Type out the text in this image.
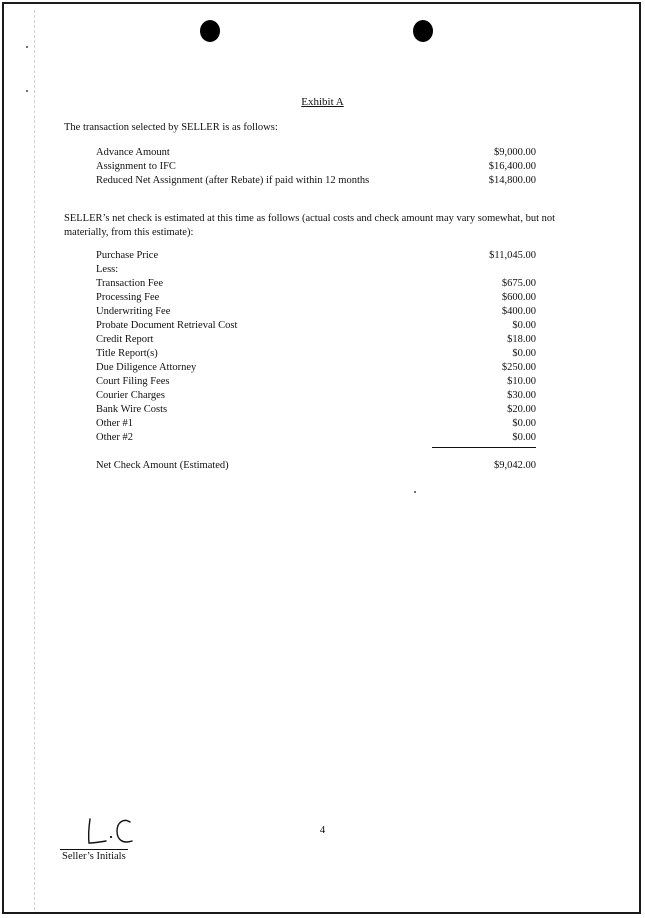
Exhibit A
The transaction selected by SELLER is as follows:
Advance Amount	$9,000.00
Assignment to IFC	$16,400.00
Reduced Net Assignment (after Rebate) if paid within 12 months	$14,800.00
SELLER’s net check is estimated at this time as follows (actual costs and check amount may vary somewhat, but not materially, from this estimate):
Purchase Price	$11,045.00
Less:
Transaction Fee	$675.00
Processing Fee	$600.00
Underwriting Fee	$400.00
Probate Document Retrieval Cost	$0.00
Credit Report	$18.00
Title Report(s)	$0.00
Due Diligence Attorney	$250.00
Court Filing Fees	$10.00
Courier Charges	$30.00
Bank Wire Costs	$20.00
Other #1	$0.00
Other #2	$0.00
Net Check Amount (Estimated)	$9,042.00
4
Seller’s Initials
